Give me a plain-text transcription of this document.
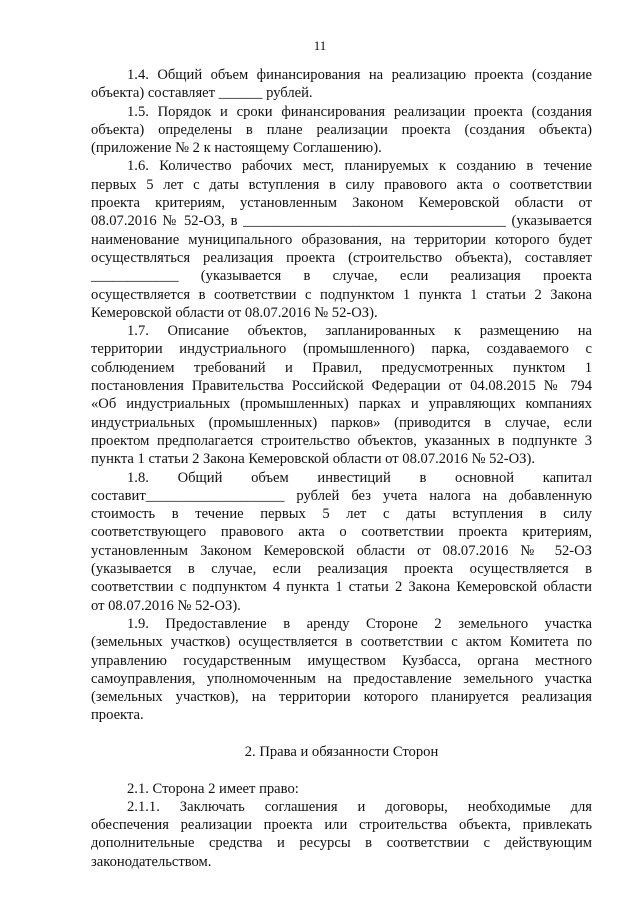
11
1.4. Общий объем финансирования на реализацию проекта (создание
объекта) составляет ______ рублей.
1.5. Порядок и сроки финансирования реализации проекта (создания
объекта) определены в плане реализации проекта (создания объекта)
(приложение № 2 к настоящему Соглашению).
1.6. Количество рабочих мест, планируемых к созданию в течение
первых 5 лет с даты вступления в силу правового акта о соответствии
проекта критериям, установленным Законом Кемеровской области от
08.07.2016 № 52-ОЗ, в ____________________________________ (указывается
наименование муниципального образования, на территории которого будет
осуществляться реализация проекта (строительство объекта), составляет
____________ (указывается в случае, если реализация проекта
осуществляется в соответствии с подпунктом 1 пункта 1 статьи 2 Закона
Кемеровской области от 08.07.2016 № 52-ОЗ).
1.7. Описание объектов, запланированных к размещению на
территории индустриального (промышленного) парка, создаваемого с
соблюдением требований и Правил, предусмотренных пунктом 1
постановления Правительства Российской Федерации от 04.08.2015 № 794
«Об индустриальных (промышленных) парках и управляющих компаниях
индустриальных (промышленных) парков» (приводится в случае, если
проектом предполагается строительство объектов, указанных в подпункте 3
пункта 1 статьи 2 Закона Кемеровской области от 08.07.2016 № 52-ОЗ).
1.8. Общий объем инвестиций в основной капитал
составит___________________ рублей без учета налога на добавленную
стоимость в течение первых 5 лет с даты вступления в силу
соответствующего правового акта о соответствии проекта критериям,
установленным Законом Кемеровской области от 08.07.2016 № 52-ОЗ
(указывается в случае, если реализация проекта осуществляется в
соответствии с подпунктом 4 пункта 1 статьи 2 Закона Кемеровской области
от 08.07.2016 № 52-ОЗ).
1.9. Предоставление в аренду Стороне 2 земельного участка
(земельных участков) осуществляется в соответствии с актом Комитета по
управлению государственным имуществом Кузбасса, органа местного
самоуправления, уполномоченным на предоставление земельного участка
(земельных участков), на территории которого планируется реализация
проекта.
2. Права и обязанности Сторон
2.1. Сторона 2 имеет право:
2.1.1. Заключать соглашения и договоры, необходимые для
обеспечения реализации проекта или строительства объекта, привлекать
дополнительные средства и ресурсы в соответствии с действующим
законодательством.
